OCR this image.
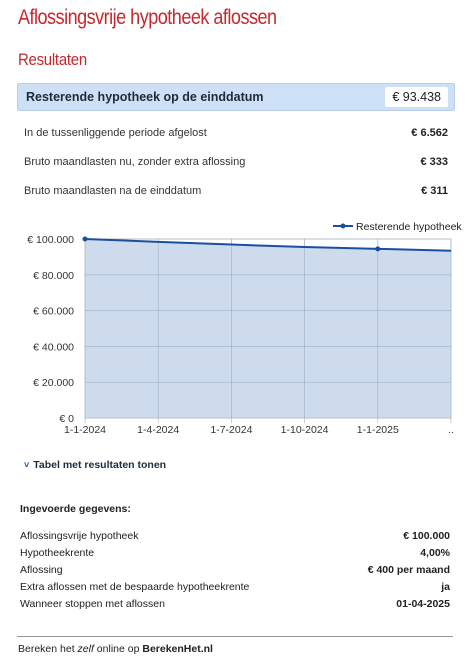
Aflossingsvrije hypotheek aflossen
Resultaten
Resterende hypotheek op de einddatum	€ 93.438
In de tussenliggende periode afgelost	€ 6.562
Bruto maandlasten nu, zonder extra aflossing	€ 333
Bruto maandlasten na de einddatum	€ 311
€ 100.000
€ 80.000
€ 60.000
€ 40.000
€ 20.000
€ 0
1-1-2024	1-4-2024	1-7-2024	1-10-2024	1-1-2025	..
Resterende hypotheek
˅ Tabel met resultaten tonen
Ingevoerde gegevens:
Aflossingsvrije hypotheek	€ 100.000
Hypotheekrente	4,00%
Aflossing	€ 400 per maand
Extra aflossen met de bespaarde hypotheekrente	ja
Wanneer stoppen met aflossen	01-04-2025
Bereken het zelf online op BerekenHet.nl
